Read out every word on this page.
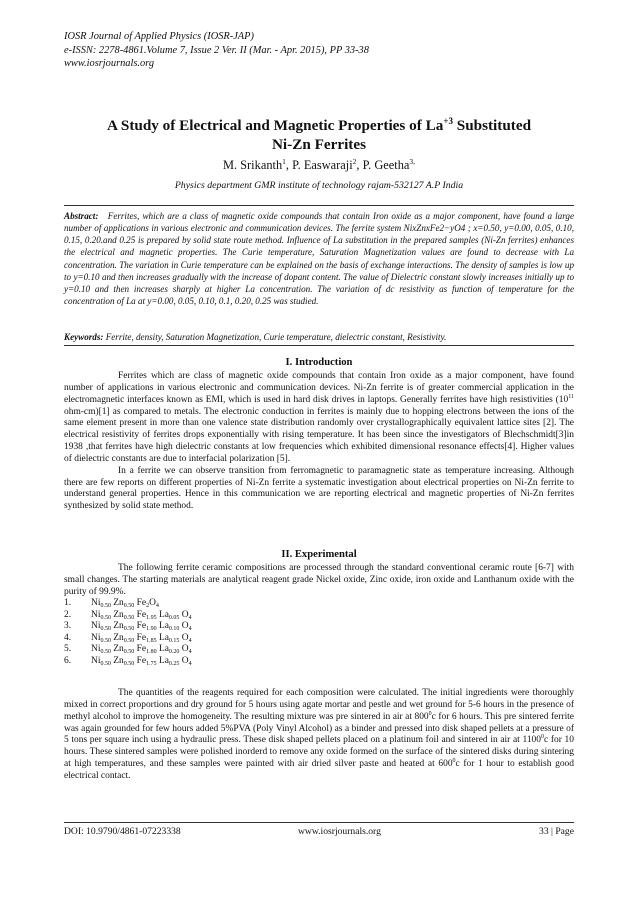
IOSR Journal of Applied Physics (IOSR-JAP)
e-ISSN: 2278-4861.Volume 7, Issue 2 Ver. II (Mar. - Apr. 2015), PP 33-38
www.iosrjournals.org
A Study of Electrical and Magnetic Properties of $La^{+3}$ Substituted
Ni-Zn Ferrites
M. Srikanth$^1$, P. Easwaraji$^2$, P. Geetha$^{3,}$
Physics department GMR institute of technology rajam-532127 A.P India
Abstract: Ferrites, which are a class of magnetic oxide compounds that contain Iron oxide as a major component, have found a large number of applications in various electronic and communication devices. The ferrite system NixZnxFe2−yO4 ; x=0.50, y=0.00, 0.05, 0.10, 0.15, 0.20.and 0.25 is prepared by solid state route method. Influence of La substitution in the prepared samples (Ni-Zn ferrites) enhances the electrical and magnetic properties. The Curie temperature, Saturation Magnetization values are found to decrease with La concentration. The variation in Curie temperature can be explained on the basis of exchange interactions. The density of samples is low up to y=0.10 and then increases gradually with the increase of dopant content. The value of Dielectric constant slowly increases initially up to y=0.10 and then increases sharply at higher La concentration. The variation of dc resistivity as function of temperature for the concentration of La at y=0.00, 0.05, 0.10, 0.1, 0.20, 0.25 was studied.
Keywords: Ferrite, density, Saturation Magnetization, Curie temperature, dielectric constant, Resistivity.
I. Introduction

Ferrites which are class of magnetic oxide compounds that contain Iron oxide as a major component, have found number of applications in various electronic and communication devices. Ni-Zn ferrite is of greater commercial application in the electromagnetic interfaces known as EMI, which is used in hard disk drives in laptops. Generally ferrites have high resistivities ($10^{11}$ ohm-cm)[1] as compared to metals. The electronic conduction in ferrites is mainly due to hopping electrons between the ions of the same element present in more than one valence state distribution randomly over crystallographically equivalent lattice sites [2]. The electrical resistivity of ferrites drops exponentially with rising temperature. It has been since the investigators of Blechschmidt[3]in 1938 ,that ferrites have high dielectric constants at low frequencies which exhibited dimensional resonance effects[4]. Higher values of dielectric constants are due to interfacial polarization [5].

In a ferrite we can observe transition from ferromagnetic to paramagnetic state as temperature increasing. Although there are few reports on different properties of Ni-Zn ferrite a systematic investigation about electrical properties on Ni-Zn ferrite to understand general properties. Hence in this communication we are reporting electrical and magnetic properties of Ni-Zn ferrites synthesized by solid state method.

II. Experimental

The following ferrite ceramic compositions are processed through the standard conventional ceramic route [6-7] with small changes. The starting materials are analytical reagent grade Nickel oxide, Zinc oxide, iron oxide and Lanthanum oxide with the purity of 99.9%.

1. $Ni_{0.50}$ $Zn_{0.50}$ $Fe_2O_4$
2. $Ni_{0.50}$ $Zn_{0.50}$ $Fe_{1.95}$ $La_{0.05}$ $O_4$
3. $Ni_{0.50}$ $Zn_{0.50}$ $Fe_{1.90}$ $La_{0.10}$ $O_4$
4. $Ni_{0.50}$ $Zn_{0.50}$ $Fe_{1.85}$ $La_{0.15}$ $O_4$
5. $Ni_{0.50}$ $Zn_{0.50}$ $Fe_{1.80}$ $La_{0.20}$ $O_4$
6. $Ni_{0.50}$ $Zn_{0.50}$ $Fe_{1.75}$ $La_{0.25}$ $O_4$

The quantities of the reagents required for each composition were calculated. The initial ingredients were thoroughly mixed in correct proportions and dry ground for 5 hours using agate mortar and pestle and wet ground for 5-6 hours in the presence of methyl alcohol to improve the homogeneity. The resulting mixture was pre sintered in air at $800^0c$ for 6 hours. This pre sintered ferrite was again grounded for few hours added 5%PVA (Poly Vinyl Alcohol) as a binder and pressed into disk shaped pellets at a pressure of 5 tons per square inch using a hydraulic press. These disk shaped pellets placed on a platinum foil and sintered in air at 1100$^0$c for 10 hours. These sintered samples were polished inorderd to remove any oxide formed on the surface of the sintered disks during sintering at high temperatures, and these samples were painted with air dried silver paste and heated at $600^0c$ for 1 hour to establish good electrical contact.

DOI: 10.9790/4861-07223338	www.iosrjournals.org	33 | Page
